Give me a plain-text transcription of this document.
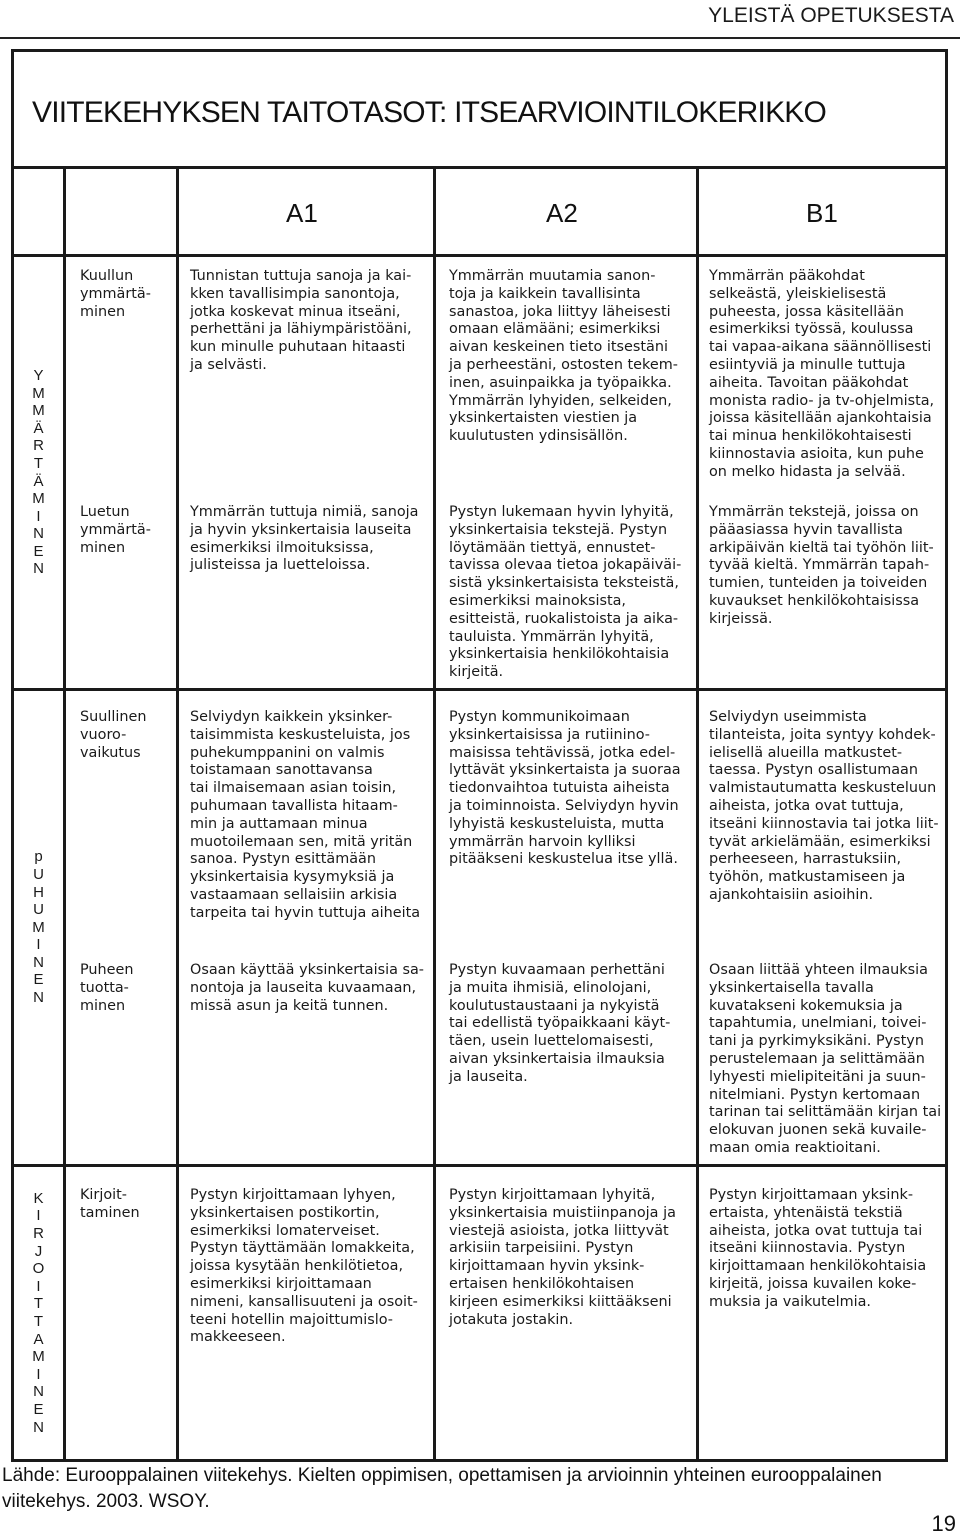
YLEISTÄ OPETUKSESTA
VIITEKEHYKSEN TAITOTASOT: ITSEARVIOINTILOKERIKKO
A1	A2	B1
Y
M
M
Ä
R
T
Ä
M
I
N
E
N
Kuullun
ymmärtä-
minen
Tunnistan tuttuja sanoja ja kai-
kken tavallisimpia sanontoja,
jotka koskevat minua itseäni,
perhettäni ja lähiympäristöäni,
kun minulle puhutaan hitaasti
ja selvästi.
Ymmärrän muutamia sanon-
toja ja kaikkein tavallisinta
sanastoa, joka liittyy läheisesti
omaan elämääni; esimerkiksi
aivan keskeinen tieto itsestäni
ja perheestäni, ostosten tekem-
inen, asuinpaikka ja työpaikka.
Ymmärrän lyhyiden, selkeiden,
yksinkertaisten viestien ja
kuulutusten ydinsisällön.
Ymmärrän pääkohdat
selkeästä, yleiskielisestä
puheesta, jossa käsitellään
esimerkiksi työssä, koulussa
tai vapaa-aikana säännöllisesti
esiintyviä ja minulle tuttuja
aiheita. Tavoitan pääkohdat
monista radio- ja tv-ohjelmista,
joissa käsitellään ajankohtaisia
tai minua henkilökohtaisesti
kiinnostavia asioita, kun puhe
on melko hidasta ja selvää.
Luetun
ymmärtä-
minen
Ymmärrän tuttuja nimiä, sanoja
ja hyvin yksinkertaisia lauseita
esimerkiksi ilmoituksissa,
julisteissa ja luetteloissa.
Pystyn lukemaan hyvin lyhyitä,
yksinkertaisia tekstejä. Pystyn
löytämään tiettyä, ennustet-
tavissa olevaa tietoa jokapäiväi-
sistä yksinkertaisista teksteistä,
esimerkiksi mainoksista,
esitteistä, ruokalistoista ja aika-
tauluista. Ymmärrän lyhyitä,
yksinkertaisia henkilökohtaisia
kirjeitä.
Ymmärrän tekstejä, joissa on
pääasiassa hyvin tavallista
arkipäivän kieltä tai työhön liit-
tyvää kieltä. Ymmärrän tapah-
tumien, tunteiden ja toiveiden
kuvaukset henkilökohtaisissa
kirjeissä.
p
U
H
U
M
I
N
E
N
Suullinen
vuoro-
vaikutus
Selviydyn kaikkein yksinker-
taisimmista keskusteluista, jos
puhekumppanini on valmis
toistamaan sanottavansa
tai ilmaisemaan asian toisin,
puhumaan tavallista hitaam-
min ja auttamaan minua
muotoilemaan sen, mitä yritän
sanoa. Pystyn esittämään
yksinkertaisia kysymyksiä ja
vastaamaan sellaisiin arkisia
tarpeita tai hyvin tuttuja aiheita
Pystyn kommunikoimaan
yksinkertaisissa ja rutiinino-
maisissa tehtävissä, jotka edel-
lyttävät yksinkertaista ja suoraa
tiedonvaihtoa tutuista aiheista
ja toiminnoista. Selviydyn hyvin
lyhyistä keskusteluista, mutta
ymmärrän harvoin kylliksi
pitääkseni keskustelua itse yllä.
Selviydyn useimmista
tilanteista, joita syntyy kohdek-
ielisellä alueilla matkustet-
taessa. Pystyn osallistumaan
valmistautumatta keskusteluun
aiheista, jotka ovat tuttuja,
itseäni kiinnostavia tai jotka liit-
tyvät arkielämään, esimerkiksi
perheeseen, harrastuksiin,
työhön, matkustamiseen ja
ajankohtaisiin asioihin.
Puheen
tuotta-
minen
Osaan käyttää yksinkertaisia sa-
nontoja ja lauseita kuvaamaan,
missä asun ja keitä tunnen.
Pystyn kuvaamaan perhettäni
ja muita ihmisiä, elinolojani,
koulutustaustaani ja nykyistä
tai edellistä työpaikkaani käyt-
täen, usein luettelomaisesti,
aivan yksinkertaisia ilmauksia
ja lauseita.
Osaan liittää yhteen ilmauksia
yksinkertaisella tavalla
kuvatakseni kokemuksia ja
tapahtumia, unelmiani, toivei-
tani ja pyrkimyksikäni. Pystyn
perustelemaan ja selittämään
lyhyesti mielipiteitäni ja suun-
nitelmiani. Pystyn kertomaan
tarinan tai selittämään kirjan tai
elokuvan juonen sekä kuvaile-
maan omia reaktioitani.
K
I
R
J
O
I
T
T
A
M
I
N
E
N
Kirjoit-
taminen
Pystyn kirjoittamaan lyhyen,
yksinkertaisen postikortin,
esimerkiksi lomaterveiset.
Pystyn täyttämään lomakkeita,
joissa kysytään henkilötietoa,
esimerkiksi kirjoittamaan
nimeni, kansallisuuteni ja osoit-
teeni hotellin majoittumislo-
makkeeseen.
Pystyn kirjoittamaan lyhyitä,
yksinkertaisia muistiinpanoja ja
viestejä asioista, jotka liittyvät
arkisiin tarpeisiini. Pystyn
kirjoittamaan hyvin yksink-
ertaisen henkilökohtaisen
kirjeen esimerkiksi kiittääkseni
jotakuta jostakin.
Pystyn kirjoittamaan yksink-
ertaista, yhtenäistä tekstiä
aiheista, jotka ovat tuttuja tai
itseäni kiinnostavia. Pystyn
kirjoittamaan henkilökohtaisia
kirjeitä, joissa kuvailen koke-
muksia ja vaikutelmia.
Lähde: Eurooppalainen viitekehys. Kielten oppimisen, opettamisen ja arvioinnin yhteinen eurooppalainen viitekehys. 2003. WSOY.
19
